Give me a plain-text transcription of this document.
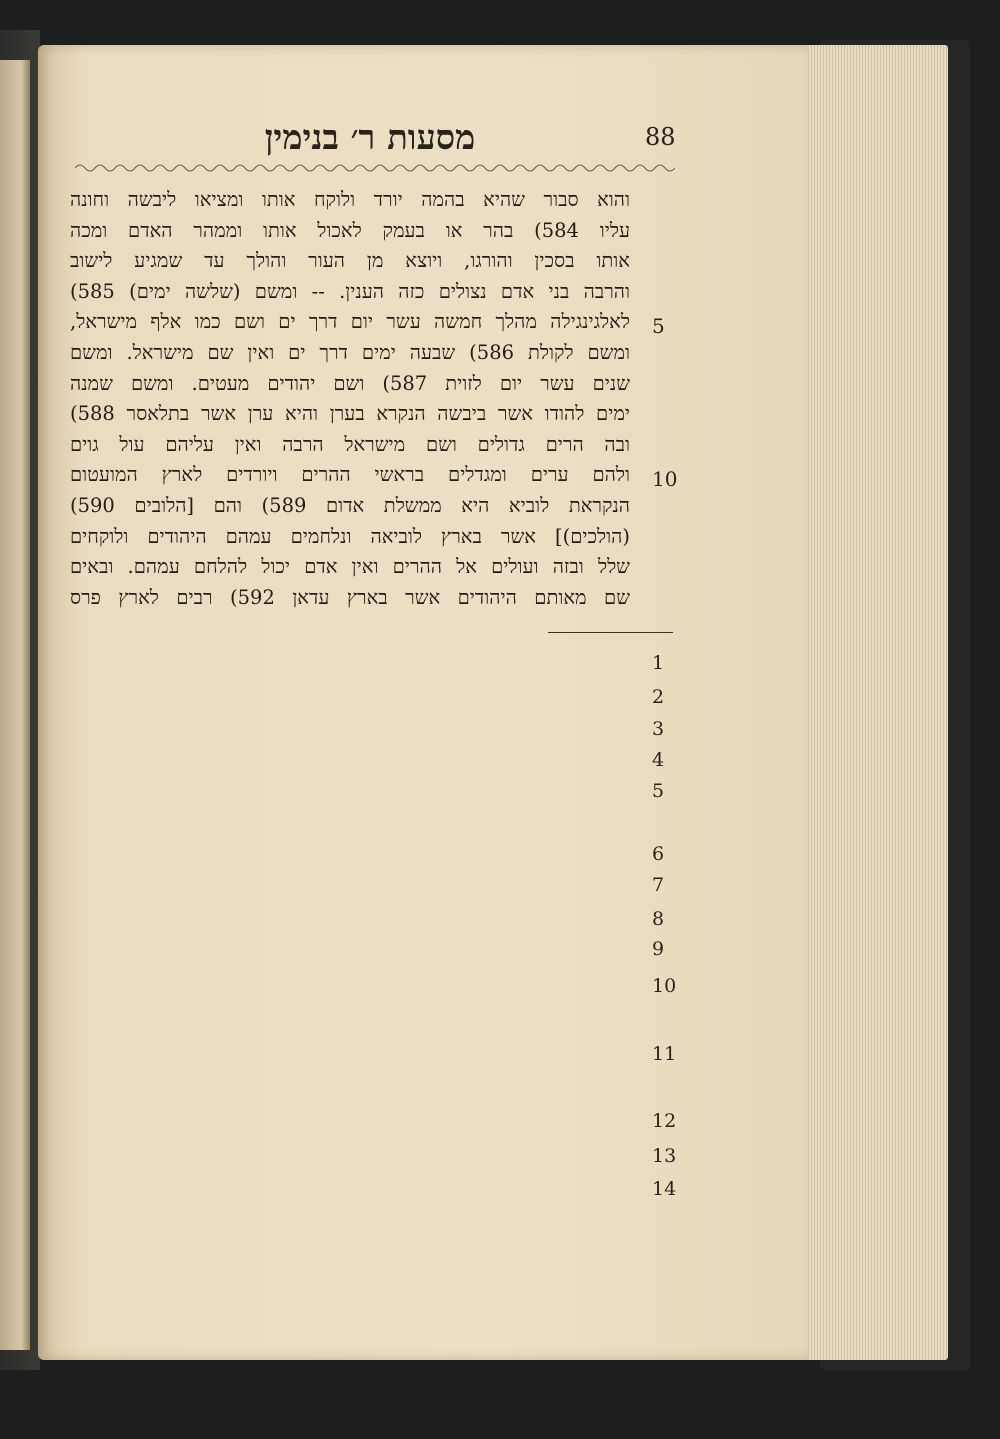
מסעות ר׳ בנימין	88
והוא סבור שהיא בהמה יורד ולוקח אותו ומציאו ליבשה וחונה
עליו 584) בהר או בעמק לאכול אותו וממהר האדם ומכה
אותו בסכין והורגו, ויוצא מן העור והולך עד שמגיע לישוב
והרבה בני אדם נצולים כזה הענין. -- ומשם (שלשה ימים) 585)
לאלגינגילה מהלך חמשה עשר יום דרך ים ושם כמו אלף מישראל,
ומשם לקולת 586) שבעה ימים דרך ים ואין שם מישראל. ומשם
שנים עשר יום לזוית 587) ושם יהודים מעטים. ומשם שמנה
ימים להודו אשר ביבשה הנקרא בערן והיא ערן אשר בתלאסר 588)
ובה הרים גדולים ושם מישראל הרבה ואין עליהם עול גוים
ולהם ערים ומגדלים בראשי ההרים ויורדים לארץ המועטום
הנקראת לוביא היא ממשלת אדום 589) והם [הלובים 590)
(הולכים)] אשר בארץ לוביאה ונלחמים עמהם היהודים ולוקחים
שלל ובזה ועולים אל ההרים ואין אדם יכול להלחם עמהם. ובאים
שם מאותם היהודים אשר בארץ עדאן 592) רבים לארץ פרס
5
10
1
2
3
4
5
6
7
8
9
10
11
12
13
14
